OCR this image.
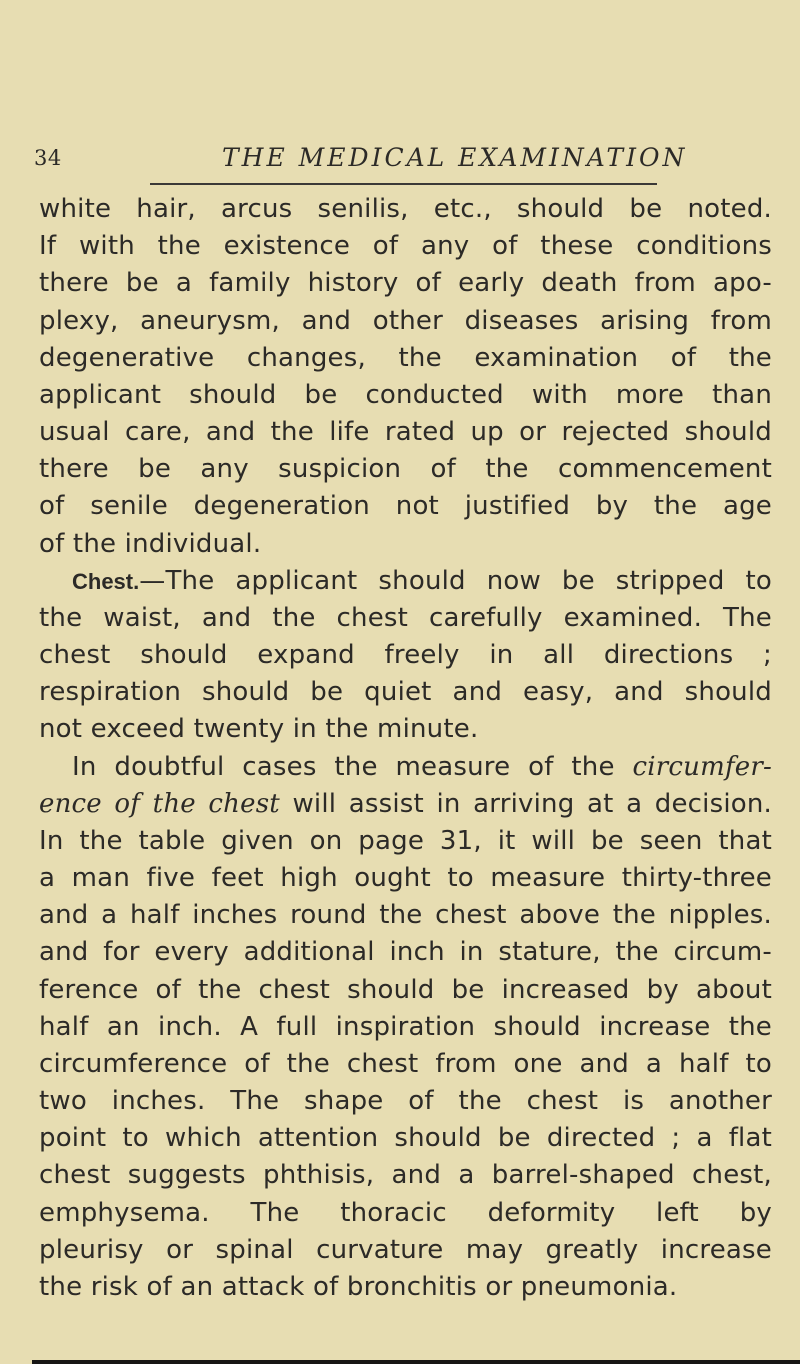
34	THE MEDICAL EXAMINATION
white hair, arcus senilis, etc., should be noted.
If with the existence of any of these conditions
there be a family history of early death from apo-
plexy, aneurysm, and other diseases arising from
degenerative changes, the examination of the
applicant should be conducted with more than
usual care, and the life rated up or rejected should
there be any suspicion of the commencement
of senile degeneration not justified by the age
of the individual.
Chest.—The applicant should now be stripped to
the waist, and the chest carefully examined. The
chest should expand freely in all directions ;
respiration should be quiet and easy, and should
not exceed twenty in the minute.
In doubtful cases the measure of the circumfer-
ence of the chest will assist in arriving at a decision.
In the table given on page 31, it will be seen that
a man five feet high ought to measure thirty-three
and a half inches round the chest above the nipples.
and for every additional inch in stature, the circum-
ference of the chest should be increased by about
half an inch. A full inspiration should increase the
circumference of the chest from one and a half to
two inches. The shape of the chest is another
point to which attention should be directed ; a flat
chest suggests phthisis, and a barrel-shaped chest,
emphysema. The thoracic deformity left by
pleurisy or spinal curvature may greatly increase
the risk of an attack of bronchitis or pneumonia.
